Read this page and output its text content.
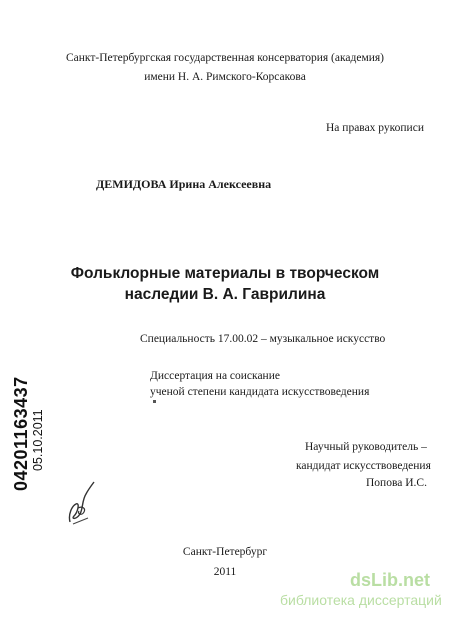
Санкт-Петербургская государственная консерватория (академия)
имени Н. А. Римского-Корсакова
На правах рукописи
ДЕМИДОВА Ирина Алексеевна
Фольклорные материалы в творческом
наследии В. А. Гаврилина
Специальность 17.00.02 – музыкальное искусство
Диссертация на соискание
ученой степени кандидата искусствоведения
Научный руководитель –
кандидат искусствоведения
Попова И.С.
04201163437 05.10.2011
Санкт-Петербург
2011	dsLib.net
библиотека диссертаций
